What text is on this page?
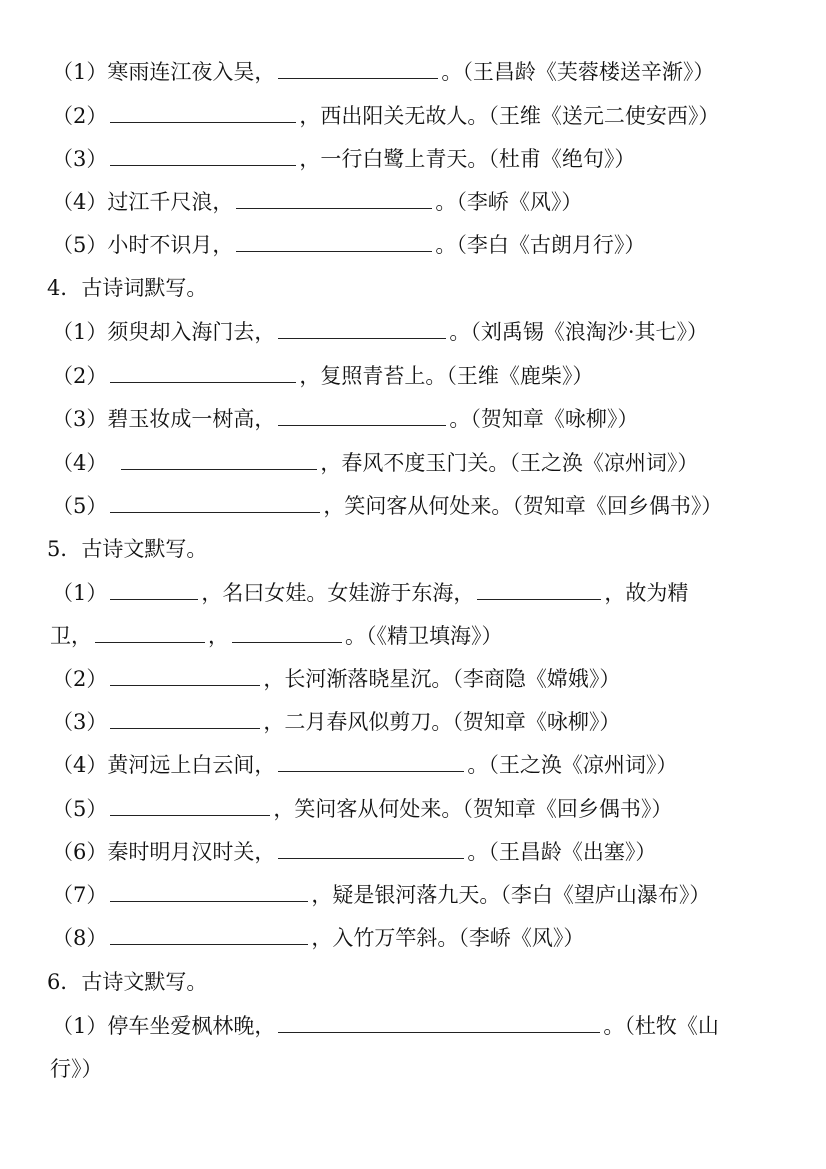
（1）寒雨连江夜入吴，	。（王昌龄《芙蓉楼送辛渐》）
（2）	，西出阳关无故人。（王维《送元二使安西》）
（3）	，一行白鹭上青天。（杜甫《绝句》）
（4）过江千尺浪，	。（李峤《风》）
（5）小时不识月，	。（李白《古朗月行》）
4．古诗词默写。
（1）须臾却入海门去，	。（刘禹锡《浪淘沙·其七》）
（2）	，复照青苔上。（王维《鹿柴》）
（3）碧玉妆成一树高，	。（贺知章《咏柳》）
（4）	，春风不度玉门关。（王之涣《凉州词》）
（5）	，笑问客从何处来。（贺知章《回乡偶书》）
5．古诗文默写。
（1）	，名曰女娃。女娃游于东海，	，故为精
卫，	，	。（《精卫填海》）
（2）	，长河渐落晓星沉。（李商隐《嫦娥》）
（3）	，二月春风似剪刀。（贺知章《咏柳》）
（4）黄河远上白云间，	。（王之涣《凉州词》）
（5）	，笑问客从何处来。（贺知章《回乡偶书》）
（6）秦时明月汉时关，	。（王昌龄《出塞》）
（7）	，疑是银河落九天。（李白《望庐山瀑布》）
（8）	，入竹万竿斜。（李峤《风》）
6．古诗文默写。
（1）停车坐爱枫林晚，	。（杜牧《山
行》）
